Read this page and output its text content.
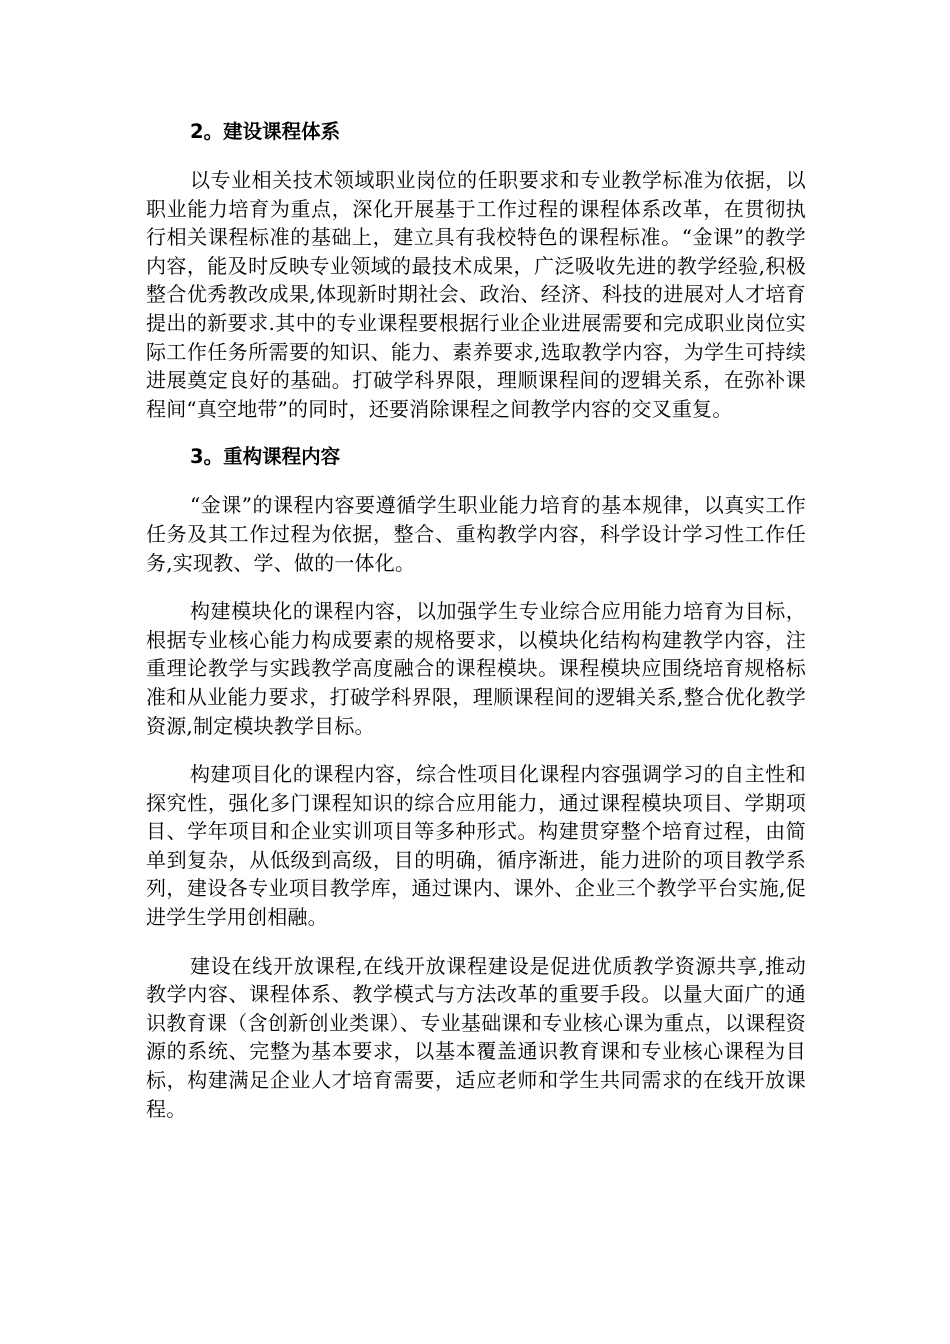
2。建设课程体系

以专业相关技术领域职业岗位的任职要求和专业教学标准为依据，以职业能力培育为重点，深化开展基于工作过程的课程体系改革，在贯彻执行相关课程标准的基础上，建立具有我校特色的课程标准。“金课”的教学内容，能及时反映专业领域的最技术成果，广泛吸收先进的教学经验,积极整合优秀教改成果,体现新时期社会、政治、经济、科技的进展对人才培育提出的新要求.其中的专业课程要根据行业企业进展需要和完成职业岗位实际工作任务所需要的知识、能力、素养要求,选取教学内容，为学生可持续进展奠定良好的基础。打破学科界限，理顺课程间的逻辑关系，在弥补课程间“真空地带”的同时，还要消除课程之间教学内容的交叉重复。

3。重构课程内容

“金课”的课程内容要遵循学生职业能力培育的基本规律，以真实工作任务及其工作过程为依据，整合、重构教学内容，科学设计学习性工作任务,实现教、学、做的一体化。

构建模块化的课程内容，以加强学生专业综合应用能力培育为目标，根据专业核心能力构成要素的规格要求，以模块化结构构建教学内容，注重理论教学与实践教学高度融合的课程模块。课程模块应围绕培育规格标准和从业能力要求，打破学科界限，理顺课程间的逻辑关系,整合优化教学资源,制定模块教学目标。

构建项目化的课程内容，综合性项目化课程内容强调学习的自主性和探究性，强化多门课程知识的综合应用能力，通过课程模块项目、学期项目、学年项目和企业实训项目等多种形式。构建贯穿整个培育过程，由简单到复杂，从低级到高级，目的明确，循序渐进，能力进阶的项目教学系列，建设各专业项目教学库，通过课内、课外、企业三个教学平台实施,促进学生学用创相融。

建设在线开放课程,在线开放课程建设是促进优质教学资源共享,推动教学内容、课程体系、教学模式与方法改革的重要手段。以量大面广的通识教育课（含创新创业类课）、专业基础课和专业核心课为重点，以课程资源的系统、完整为基本要求，以基本覆盖通识教育课和专业核心课程为目标，构建满足企业人才培育需要，适应老师和学生共同需求的在线开放课程。
